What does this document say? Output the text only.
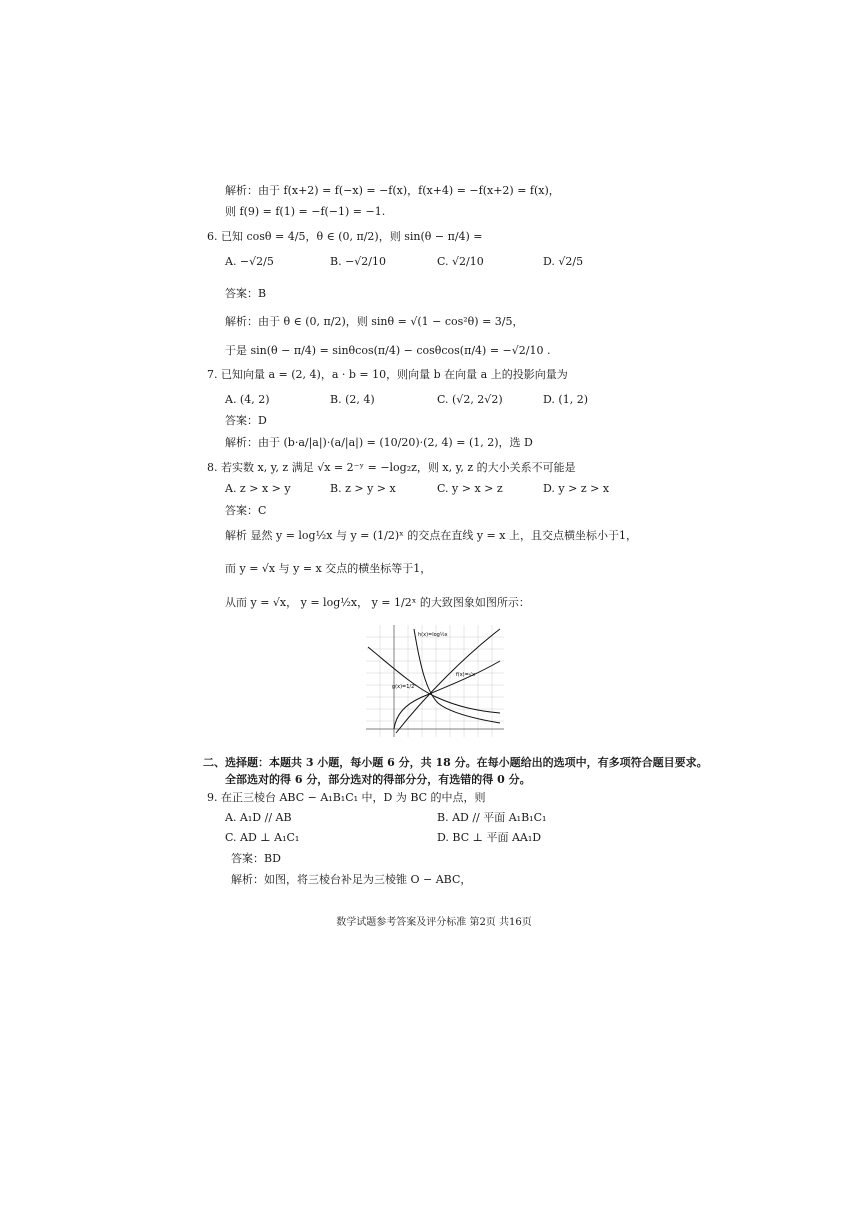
解析：由于 f(x+2) = f(−x) = −f(x)，f(x+4) = −f(x+2) = f(x)，
则 f(9) = f(1) = −f(−1) = −1.
6. 已知 cosθ = 4/5，θ ∈ (0, π/2)，则 sin(θ − π/4) =
A. −√2/5	B. −√2/10	C. √2/10	D. √2/5
答案：B
解析：由于 θ ∈ (0, π/2)，则 sinθ = √(1 − cos²θ) = 3/5，
于是 sin(θ − π/4) = sinθcos(π/4) − cosθcos(π/4) = −√2/10 .
7. 已知向量 a = (2, 4)，a · b = 10，则向量 b 在向量 a 上的投影向量为
A. (4, 2)	B. (2, 4)	C. (√2, 2√2)	D. (1, 2)
答案：D
解析：由于 (b·a/|a|)·(a/|a|) = (10/20)·(2, 4) = (1, 2)，选 D
8. 若实数 x, y, z 满足 √x = 2⁻ʸ = −log₂z，则 x, y, z 的大小关系不可能是
A. z > x > y	B. z > y > x	C. y > x > z	D. y > z > x
答案：C
解析 显然 y = log½x 与 y = (1/2)ˣ 的交点在直线 y = x 上，且交点横坐标小于1，
而 y = √x 与 y = x 交点的横坐标等于1，
从而 y = √x， y = log½x， y = 1/2ˣ 的大致图象如图所示：
h(x)=log½x
f(x)=√x
g(x)=1/2ˣ
二、选择题：本题共 3 小题，每小题 6 分，共 18 分。在每小题给出的选项中，有多项符合题目要求。
全部选对的得 6 分，部分选对的得部分分，有选错的得 0 分。
9. 在正三棱台 ABC − A₁B₁C₁ 中，D 为 BC 的中点，则
A. A₁D // AB	B. AD // 平面 A₁B₁C₁
C. AD ⊥ A₁C₁	D. BC ⊥ 平面 AA₁D
答案：BD
解析：如图，将三棱台补足为三棱锥 O − ABC，
数学试题参考答案及评分标准 第2页 共16页
